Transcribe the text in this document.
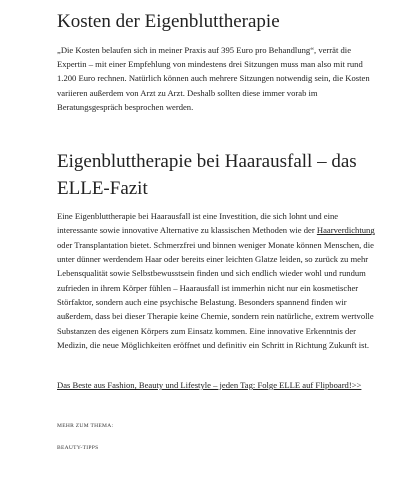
Kosten der Eigenbluttherapie

„Die Kosten belaufen sich in meiner Praxis auf 395 Euro pro Behandlung“, verrät die Expertin – mit einer Empfehlung von mindestens drei Sitzungen muss man also mit rund 1.200 Euro rechnen. Natürlich können auch mehrere Sitzungen notwendig sein, die Kosten variieren außerdem von Arzt zu Arzt. Deshalb sollten diese immer vorab im Beratungsgespräch besprochen werden.

Eigenbluttherapie bei Haarausfall – das ELLE-Fazit

Eine Eigenbluttherapie bei Haarausfall ist eine Investition, die sich lohnt und eine interessante sowie innovative Alternative zu klassischen Methoden wie der Haarverdichtung oder Transplantation bietet. Schmerzfrei und binnen weniger Monate können Menschen, die unter dünner werdendem Haar oder bereits einer leichten Glatze leiden, so zurück zu mehr Lebensqualität sowie Selbstbewusstsein finden und sich endlich wieder wohl und rundum zufrieden in ihrem Körper fühlen – Haarausfall ist immerhin nicht nur ein kosmetischer Störfaktor, sondern auch eine psychische Belastung. Besonders spannend finden wir außerdem, dass bei dieser Therapie keine Chemie, sondern rein natürliche, extrem wertvolle Substanzen des eigenen Körpers zum Einsatz kommen. Eine innovative Erkenntnis der Medizin, die neue Möglichkeiten eröffnet und definitiv ein Schritt in Richtung Zukunft ist.

Das Beste aus Fashion, Beauty und Lifestyle – jeden Tag: Folge ELLE auf Flipboard!>>

MEHR ZUM THEMA:
BEAUTY-TIPPS
